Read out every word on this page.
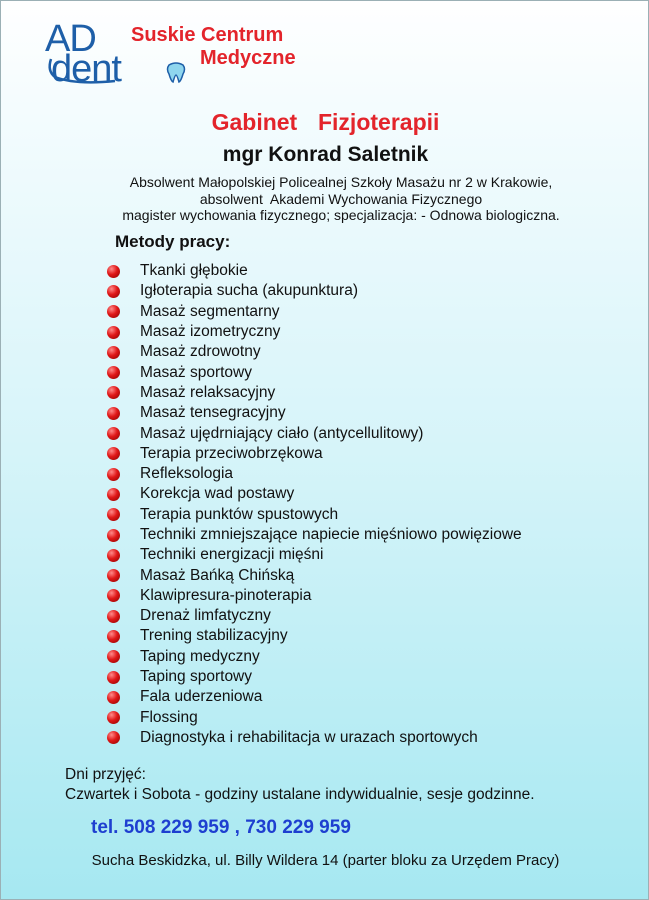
AD
dent
Suskie Centrum
Medyczne
Gabinet  Fizjoterapii
mgr Konrad Saletnik
Absolwent Małopolskiej Policealnej Szkoły Masażu nr 2 w Krakowie,
absolwent  Akademi Wychowania Fizycznego
magister wychowania fizycznego; specjalizacja: - Odnowa biologiczna.
Metody pracy:
Tkanki głębokie
Igłoterapia sucha (akupunktura)
Masaż segmentarny
Masaż izometryczny
Masaż zdrowotny
Masaż sportowy
Masaż relaksacyjny
Masaż tensegracyjny
Masaż ujędrniający ciało (antycellulitowy)
Terapia przeciwobrzękowa
Refleksologia
Korekcja wad postawy
Terapia punktów spustowych
Techniki zmniejszające napiecie mięśniowo powięziowe
Techniki energizacji mięśni
Masaż Bańką Chińską
Klawipresura-pinoterapia
Drenaż limfatyczny
Trening stabilizacyjny
Taping medyczny
Taping sportowy
Fala uderzeniowa
Flossing
Diagnostyka i rehabilitacja w urazach sportowych
Dni przyjęć:
Czwartek i Sobota - godziny ustalane indywidualnie, sesje godzinne.
tel. 508 229 959 , 730 229 959
Sucha Beskidzka, ul. Billy Wildera 14 (parter bloku za Urzędem Pracy)
